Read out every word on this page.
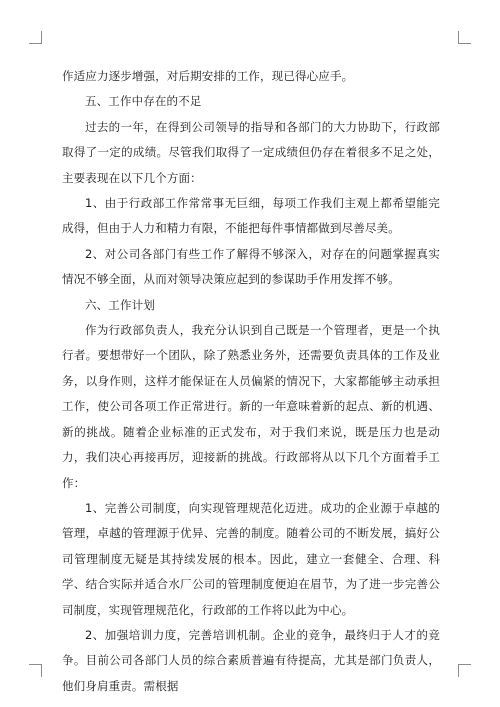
作适应力逐步增强，对后期安排的工作，现已得心应手。

五、工作中存在的不足

过去的一年，在得到公司领导的指导和各部门的大力协助下，行政部取得了一定的成绩。尽管我们取得了一定成绩但仍存在着很多不足之处，主要表现在以下几个方面：

1、由于行政部工作常常事无巨细，每项工作我们主观上都希望能完成得，但由于人力和精力有限，不能把每件事情都做到尽善尽美。

2、对公司各部门有些工作了解得不够深入，对存在的问题掌握真实情况不够全面，从而对领导决策应起到的参谋助手作用发挥不够。

六、工作计划

作为行政部负责人，我充分认识到自己既是一个管理者，更是一个执行者。要想带好一个团队，除了熟悉业务外，还需要负责具体的工作及业务，以身作则，这样才能保证在人员偏紧的情况下，大家都能够主动承担工作，使公司各项工作正常进行。新的一年意味着新的起点、新的机遇、新的挑战。随着企业标准的正式发布，对于我们来说，既是压力也是动力，我们决心再接再厉，迎接新的挑战。行政部将从以下几个方面着手工作：

1、完善公司制度，向实现管理规范化迈进。成功的企业源于卓越的管理，卓越的管理源于优异、完善的制度。随着公司的不断发展，搞好公司管理制度无疑是其持续发展的根本。因此，建立一套健全、合理、科学、结合实际并适合水厂公司的管理制度便迫在眉节，为了进一步完善公司制度，实现管理规范化，行政部的工作将以此为中心。

2、加强培训力度，完善培训机制。企业的竞争，最终归于人才的竞争。目前公司各部门人员的综合素质普遍有待提高，尤其是部门负责人，他们身肩重责。需根据
